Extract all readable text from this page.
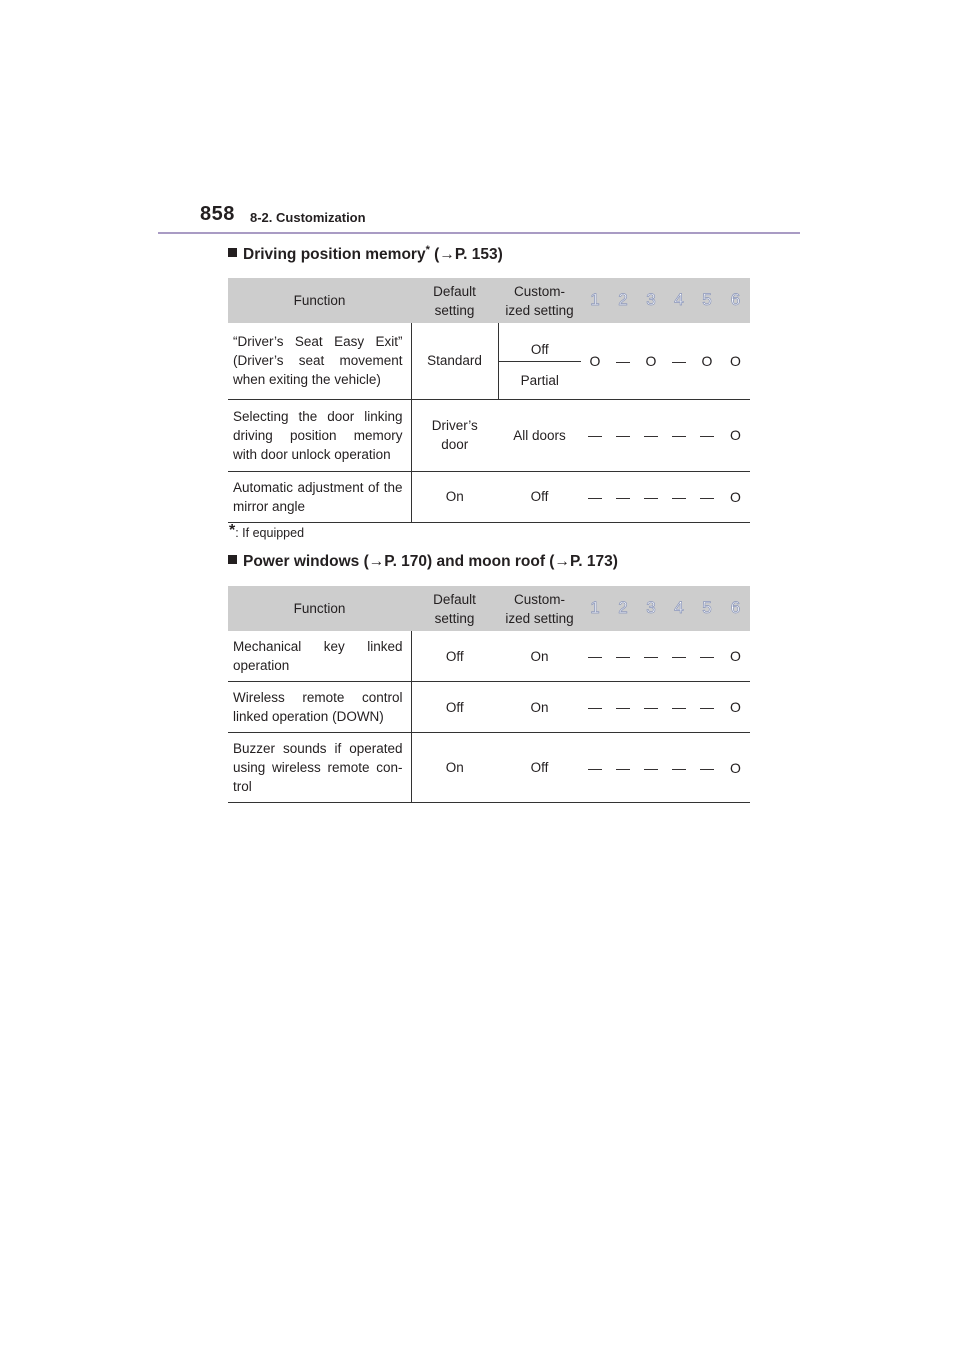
858 8-2. Customization
Driving position memory* (→P. 153)
Function	Default setting	Custom-ized setting	1	2	3	4	5	6
“Driver’s Seat Easy Exit” (Driver’s seat movement when exiting the vehicle)	Standard	Off	O	—	O	—	O	O
		Partial						
Selecting the door linking driving position memory with door unlock operation	Driver’s door	All doors	—	—	—	—	—	O
Automatic adjustment of the mirror angle	On	Off	—	—	—	—	—	O
*: If equipped
Power windows (→P. 170) and moon roof (→P. 173)
Function	Default setting	Custom-ized setting	1	2	3	4	5	6
Mechanical key linked operation	Off	On	—	—	—	—	—	O
Wireless remote control linked operation (DOWN)	Off	On	—	—	—	—	—	O
Buzzer sounds if operated using wireless remote con-trol	On	Off	—	—	—	—	—	O
